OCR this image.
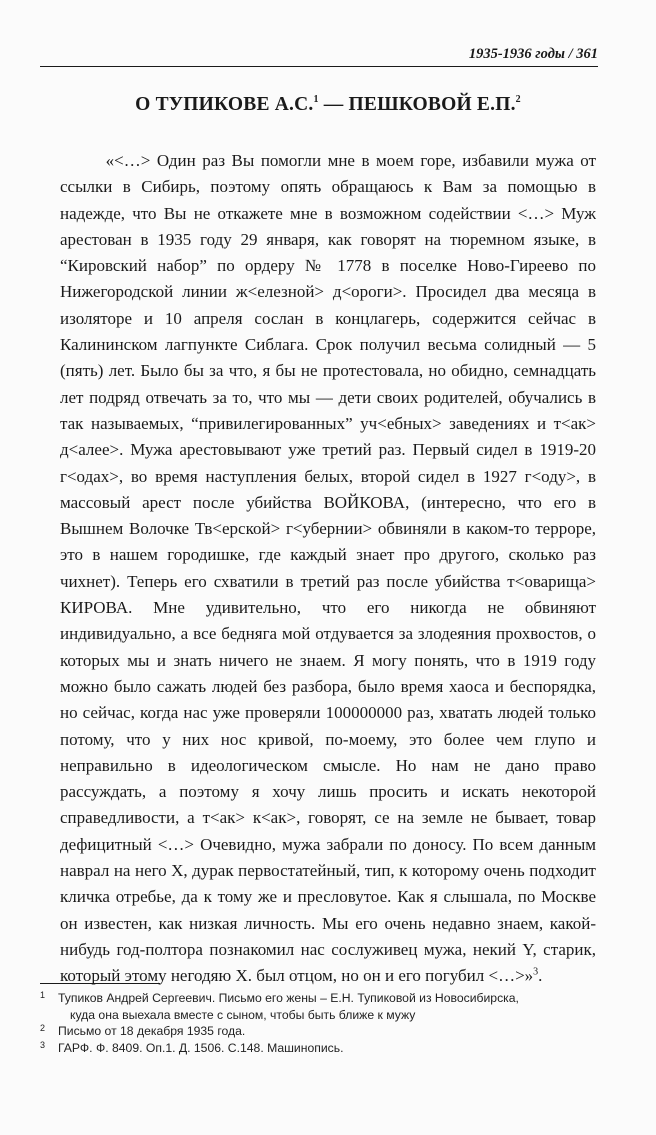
1935-1936 годы / 361
О ТУПИКОВЕ А.С.$^1$ — ПЕШКОВОЙ Е.П.$^2$

«<…> Один раз Вы помогли мне в моем горе, избавили мужа от ссылки в Сибирь, поэтому опять обращаюсь к Вам за помощью в надежде, что Вы не откажете мне в возможном содействии <…> Муж арестован в 1935 году 29 января, как говорят на тюремном языке, в “Кировский набор” по ордеру № 1778 в поселке Ново-Гиреево по Нижегородской линии ж<елезной> д<ороги>. Просидел два месяца в изоляторе и 10 апреля сослан в концлагерь, содержится сейчас в Калининском лагпункте Сиблага. Срок получил весьма солидный — 5 (пять) лет. Было бы за что, я бы не протестовала, но обидно, семнадцать лет подряд отвечать за то, что мы — дети своих родителей, обучались в так называемых, “привилегированных” уч<ебных> заведениях и т<ак> д<алее>. Мужа арестовывают уже третий раз. Первый сидел в 1919-20 г<одах>, во время наступления белых, второй сидел в 1927 г<оду>, в массовый арест после убийства ВОЙКОВА, (интересно, что его в Вышнем Волочке Тв<ерской> г<убернии> обвиняли в каком-то терроре, это в нашем городишке, где каждый знает про другого, сколько раз чихнет). Теперь его схватили в третий раз после убийства т<оварища> КИРОВА. Мне удивительно, что его никогда не обвиняют индивидуально, а все бедняга мой отдувается за злодеяния прохвостов, о которых мы и знать ничего не знаем. Я могу понять, что в 1919 году можно было сажать людей без разбора, было время хаоса и беспорядка, но сейчас, когда нас уже проверяли 100000000 раз, хватать людей только потому, что у них нос кривой, по-моему, это более чем глупо и неправильно в идеологическом смысле. Но нам не дано право рассуждать, а поэтому я хочу лишь просить и искать некоторой справедливости, а т<ак> к<ак>, говорят, се на земле не бывает, товар дефицитный <…> Очевидно, мужа забрали по доносу. По всем данным наврал на него X, дурак первостатейный, тип, к которому очень подходит кличка отребье, да к тому же и пресловутое. Как я слышала, по Москве он известен, как низкая личность. Мы его очень недавно знаем, какой-нибудь год-полтора познакомил нас сослуживец мужа, некий Y, старик, который этому негодяю X. был отцом, но он и его погубил <…>»$^3$.

1 Тупиков Андрей Сергеевич. Письмо его жены – Е.Н. Тупиковой из Новосибирска,
куда она выехала вместе с сыном, чтобы быть ближе к мужу
2 Письмо от 18 декабря 1935 года.
3 ГАРФ. Ф. 8409. Оп.1. Д. 1506. С.148. Машинопись.
